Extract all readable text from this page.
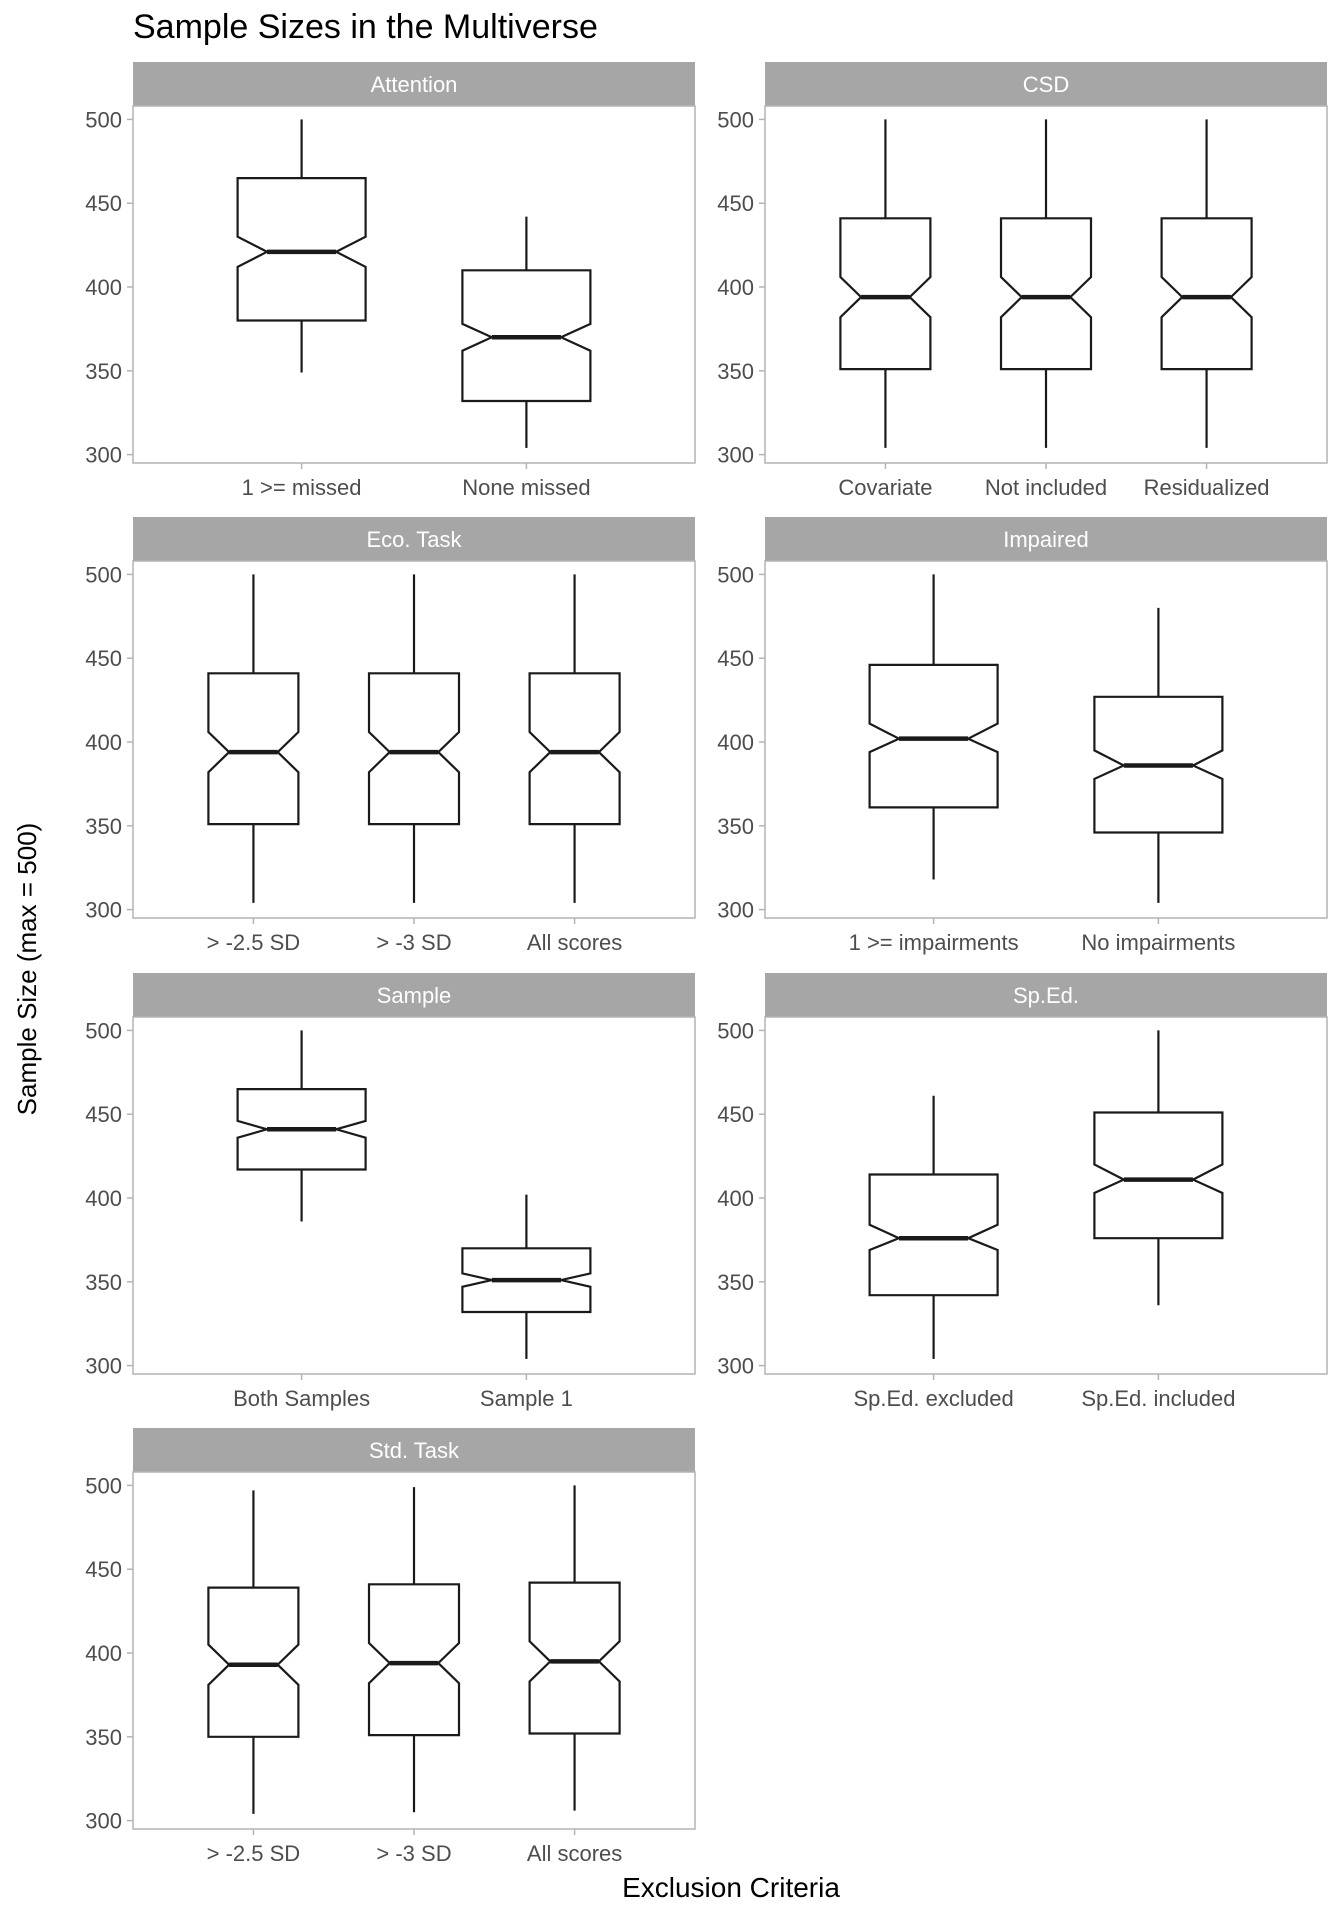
Sample Sizes in the Multiverse
Sample Size (max = 500)
Exclusion Criteria
Attention
300
350
400
450
500
1 >= missed	None missed
CSD
300
350
400
450
500
Covariate Not included Residualized
Eco. Task
300
350
400
450
500
> -2.5 SD	> -3 SD	All scores
Impaired
300
350
400
450
500
1 >= impairments	No impairments
Sample
300
350
400
450
500
Both Samples	Sample 1
Sp.Ed.
300
350
400
450
500
Sp.Ed. excluded	Sp.Ed. included
Std. Task
300
350
400
450
500
> -2.5 SD	> -3 SD	All scores
